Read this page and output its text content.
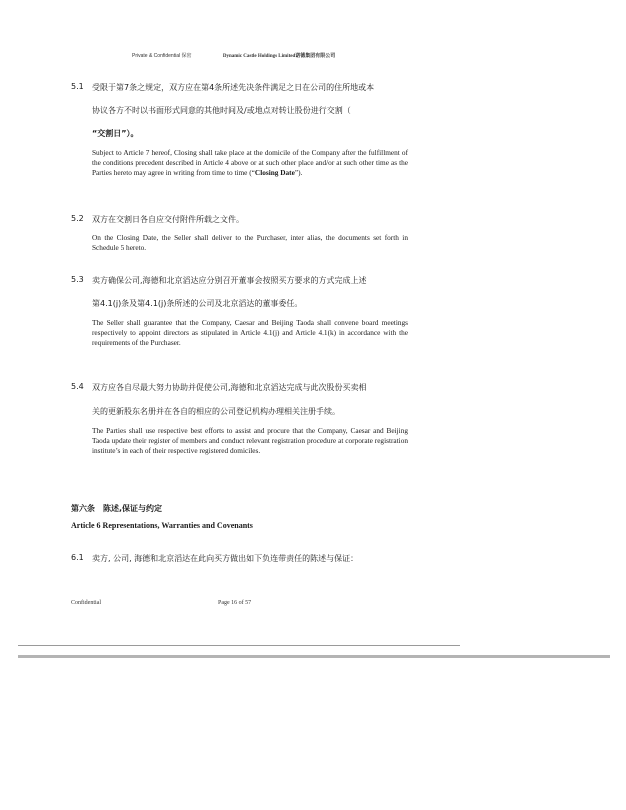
Private & Confidential 保密	Dynamic Castle Holdings Limited诺德集团有限公司
5.1 受限于第7条之规定，双方应在第4条所述先决条件满足之日在公司的住所地或本
协议各方不时以书面形式同意的其他时间及/或地点对转让股份进行交割（
“交割日”）。
Subject to Article 7 hereof, Closing shall take place at the domicile of the Company after the fulfillment of the conditions precedent described in Article 4 above or at such other place and/or at such other time as the Parties hereto may agree in writing from time to time (“Closing Date”).
5.2 双方在交割日各自应交付附件所载之文件。
On the Closing Date, the Seller shall deliver to the Purchaser, inter alias, the documents set forth in Schedule 5 hereto.
5.3 卖方确保公司,海德和北京滔达应分别召开董事会按照买方要求的方式完成上述
第4.1(j)条及第4.1(j)条所述的公司及北京滔达的董事委任。
The Seller shall guarantee that the Company, Caesar and Beijing Taoda shall convene board meetings respectively to appoint directors as stipulated in Article 4.1(j) and Article 4.1(k) in accordance with the requirements of the Purchaser.
5.4 双方应各自尽最大努力协助并促使公司,海德和北京滔达完成与此次股份买卖相
关的更新股东名册并在各自的相应的公司登记机构办理相关注册手续。
The Parties shall use respective best efforts to assist and procure that the Company, Caesar and Beijing Taoda update their register of members and conduct relevant registration procedure at corporate registration institute’s in each of their respective registered domiciles.
第六条　陈述,保证与约定
Article 6 Representations, Warranties and Covenants
6.1 卖方, 公司, 海德和北京滔达在此向买方做出如下负连带责任的陈述与保证：
Confidential	Page 16 of 57
